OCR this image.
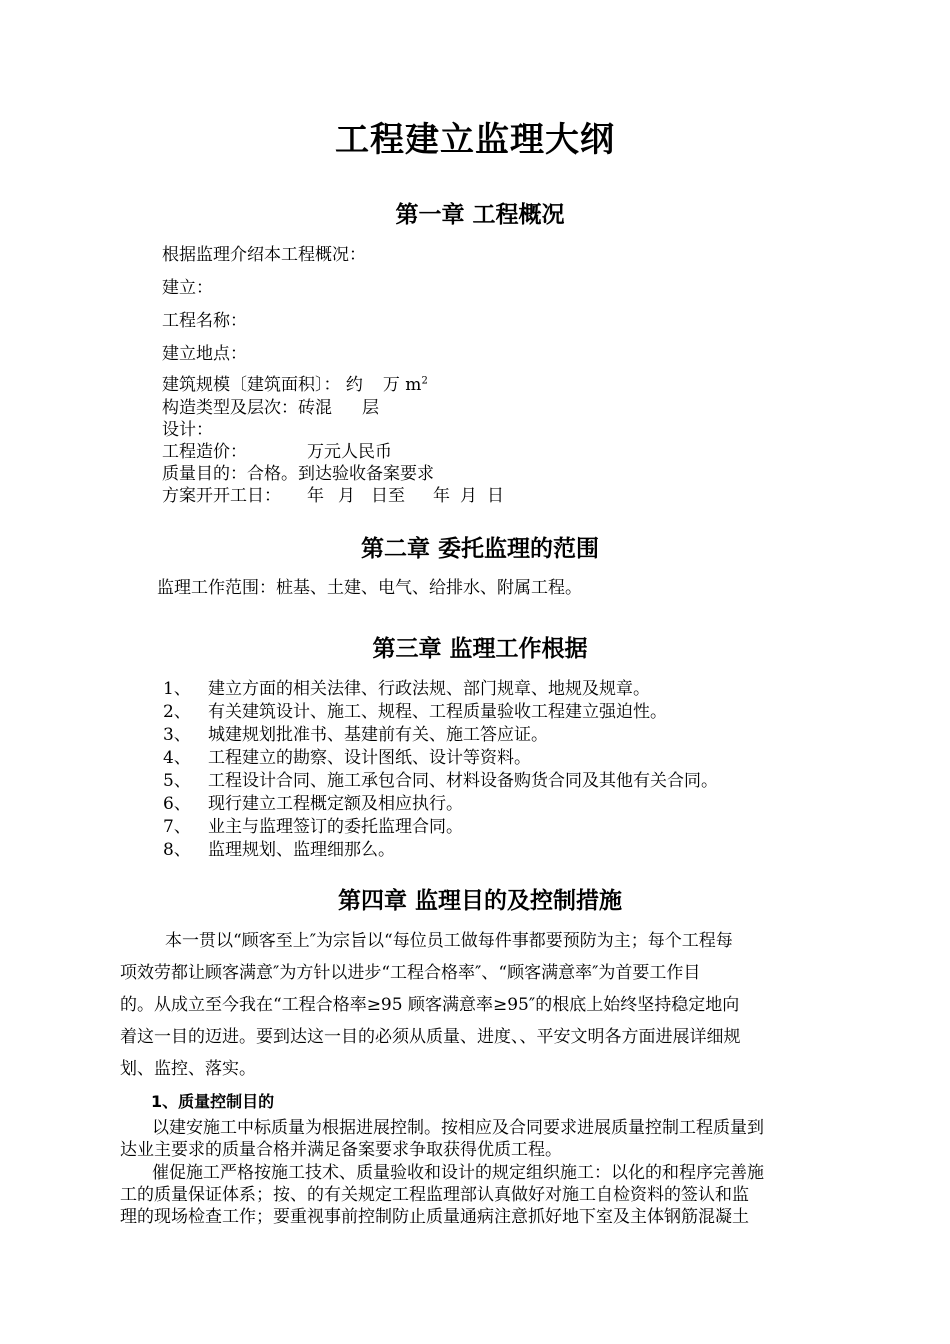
工程建立监理大纲
第一章 工程概况
根据监理介绍本工程概况：
建立：
工程名称：
建立地点：
建筑规模〔建筑面积〕： 约 万 $m^2$
构造类型及层次：砖混 层
设计：
工程造价：	万元人民币
质量目的：合格。到达验收备案要求
方案开开工日： 年 月 日至 年 月 日
第二章 委托监理的范围
监理工作范围：桩基、土建、电气、给排水、附属工程。
第三章 监理工作根据
1、 建立方面的相关法律、行政法规、部门规章、地规及规章。
2、 有关建筑设计、施工、规程、工程质量验收工程建立强迫性。
3、 城建规划批准书、基建前有关、施工答应证。
4、 工程建立的勘察、设计图纸、设计等资料。
5、 工程设计合同、施工承包合同、材料设备购货合同及其他有关合同。
6、 现行建立工程概定额及相应执行。
7、 业主与监理签订的委托监理合同。
8、 监理规划、监理细那么。
第四章 监理目的及控制措施
本一贯以“顾客至上″为宗旨以“每位员工做每件事都要预防为主；每个工程每
项效劳都让顾客满意″为方针以进步“工程合格率″、“顾客满意率″为首要工作目
的。从成立至今我在“工程合格率≥95 顾客满意率≥95″的根底上始终坚持稳定地向
着这一目的迈进。要到达这一目的必须从质量、进度、、平安文明各方面进展详细规
划、监控、落实。
1、质量控制目的
以建安施工中标质量为根据进展控制。按相应及合同要求进展质量控制工程质量到
达业主要求的质量合格并满足备案要求争取获得优质工程。
催促施工严格按施工技术、质量验收和设计的规定组织施工：以化的和程序完善施
工的质量保证体系；按、的有关规定工程监理部认真做好对施工自检资料的签认和监
理的现场检查工作；要重视事前控制防止质量通病注意抓好地下室及主体钢筋混凝土
